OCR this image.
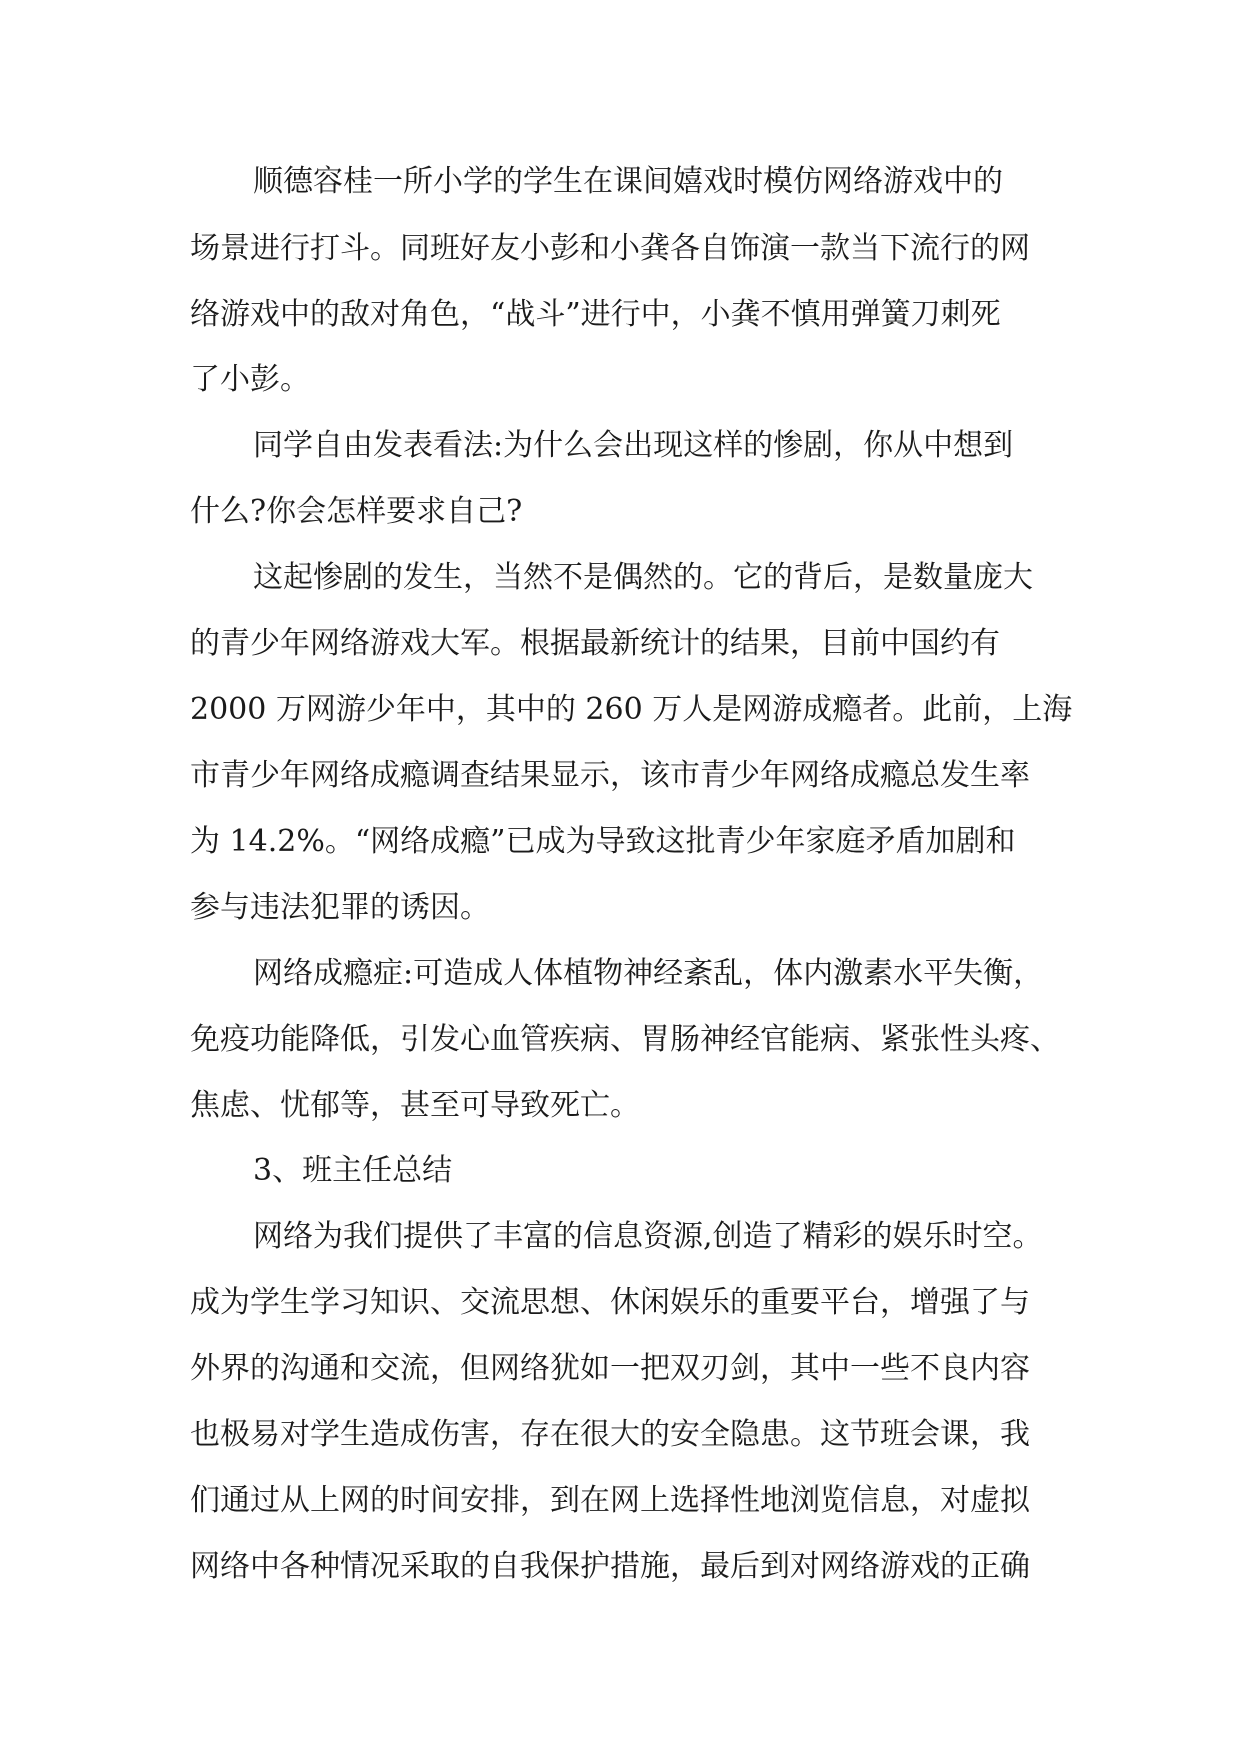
顺德容桂一所小学的学生在课间嬉戏时模仿网络游戏中的
场景进行打斗。同班好友小彭和小龚各自饰演一款当下流行的网
络游戏中的敌对角色，“战斗”进行中，小龚不慎用弹簧刀刺死
了小彭。
同学自由发表看法:为什么会出现这样的惨剧，你从中想到
什么?你会怎样要求自己?
这起惨剧的发生，当然不是偶然的。它的背后，是数量庞大
的青少年网络游戏大军。根据最新统计的结果，目前中国约有
2000 万网游少年中，其中的 260 万人是网游成瘾者。此前，上海
市青少年网络成瘾调查结果显示，该市青少年网络成瘾总发生率
为 14.2%。“网络成瘾”已成为导致这批青少年家庭矛盾加剧和
参与违法犯罪的诱因。
网络成瘾症:可造成人体植物神经紊乱，体内激素水平失衡，
免疫功能降低，引发心血管疾病、胃肠神经官能病、紧张性头疼、
焦虑、忧郁等，甚至可导致死亡。
3、班主任总结
网络为我们提供了丰富的信息资源,创造了精彩的娱乐时空。
成为学生学习知识、交流思想、休闲娱乐的重要平台，增强了与
外界的沟通和交流，但网络犹如一把双刃剑，其中一些不良内容
也极易对学生造成伤害，存在很大的安全隐患。这节班会课，我
们通过从上网的时间安排，到在网上选择性地浏览信息，对虚拟
网络中各种情况采取的自我保护措施，最后到对网络游戏的正确
